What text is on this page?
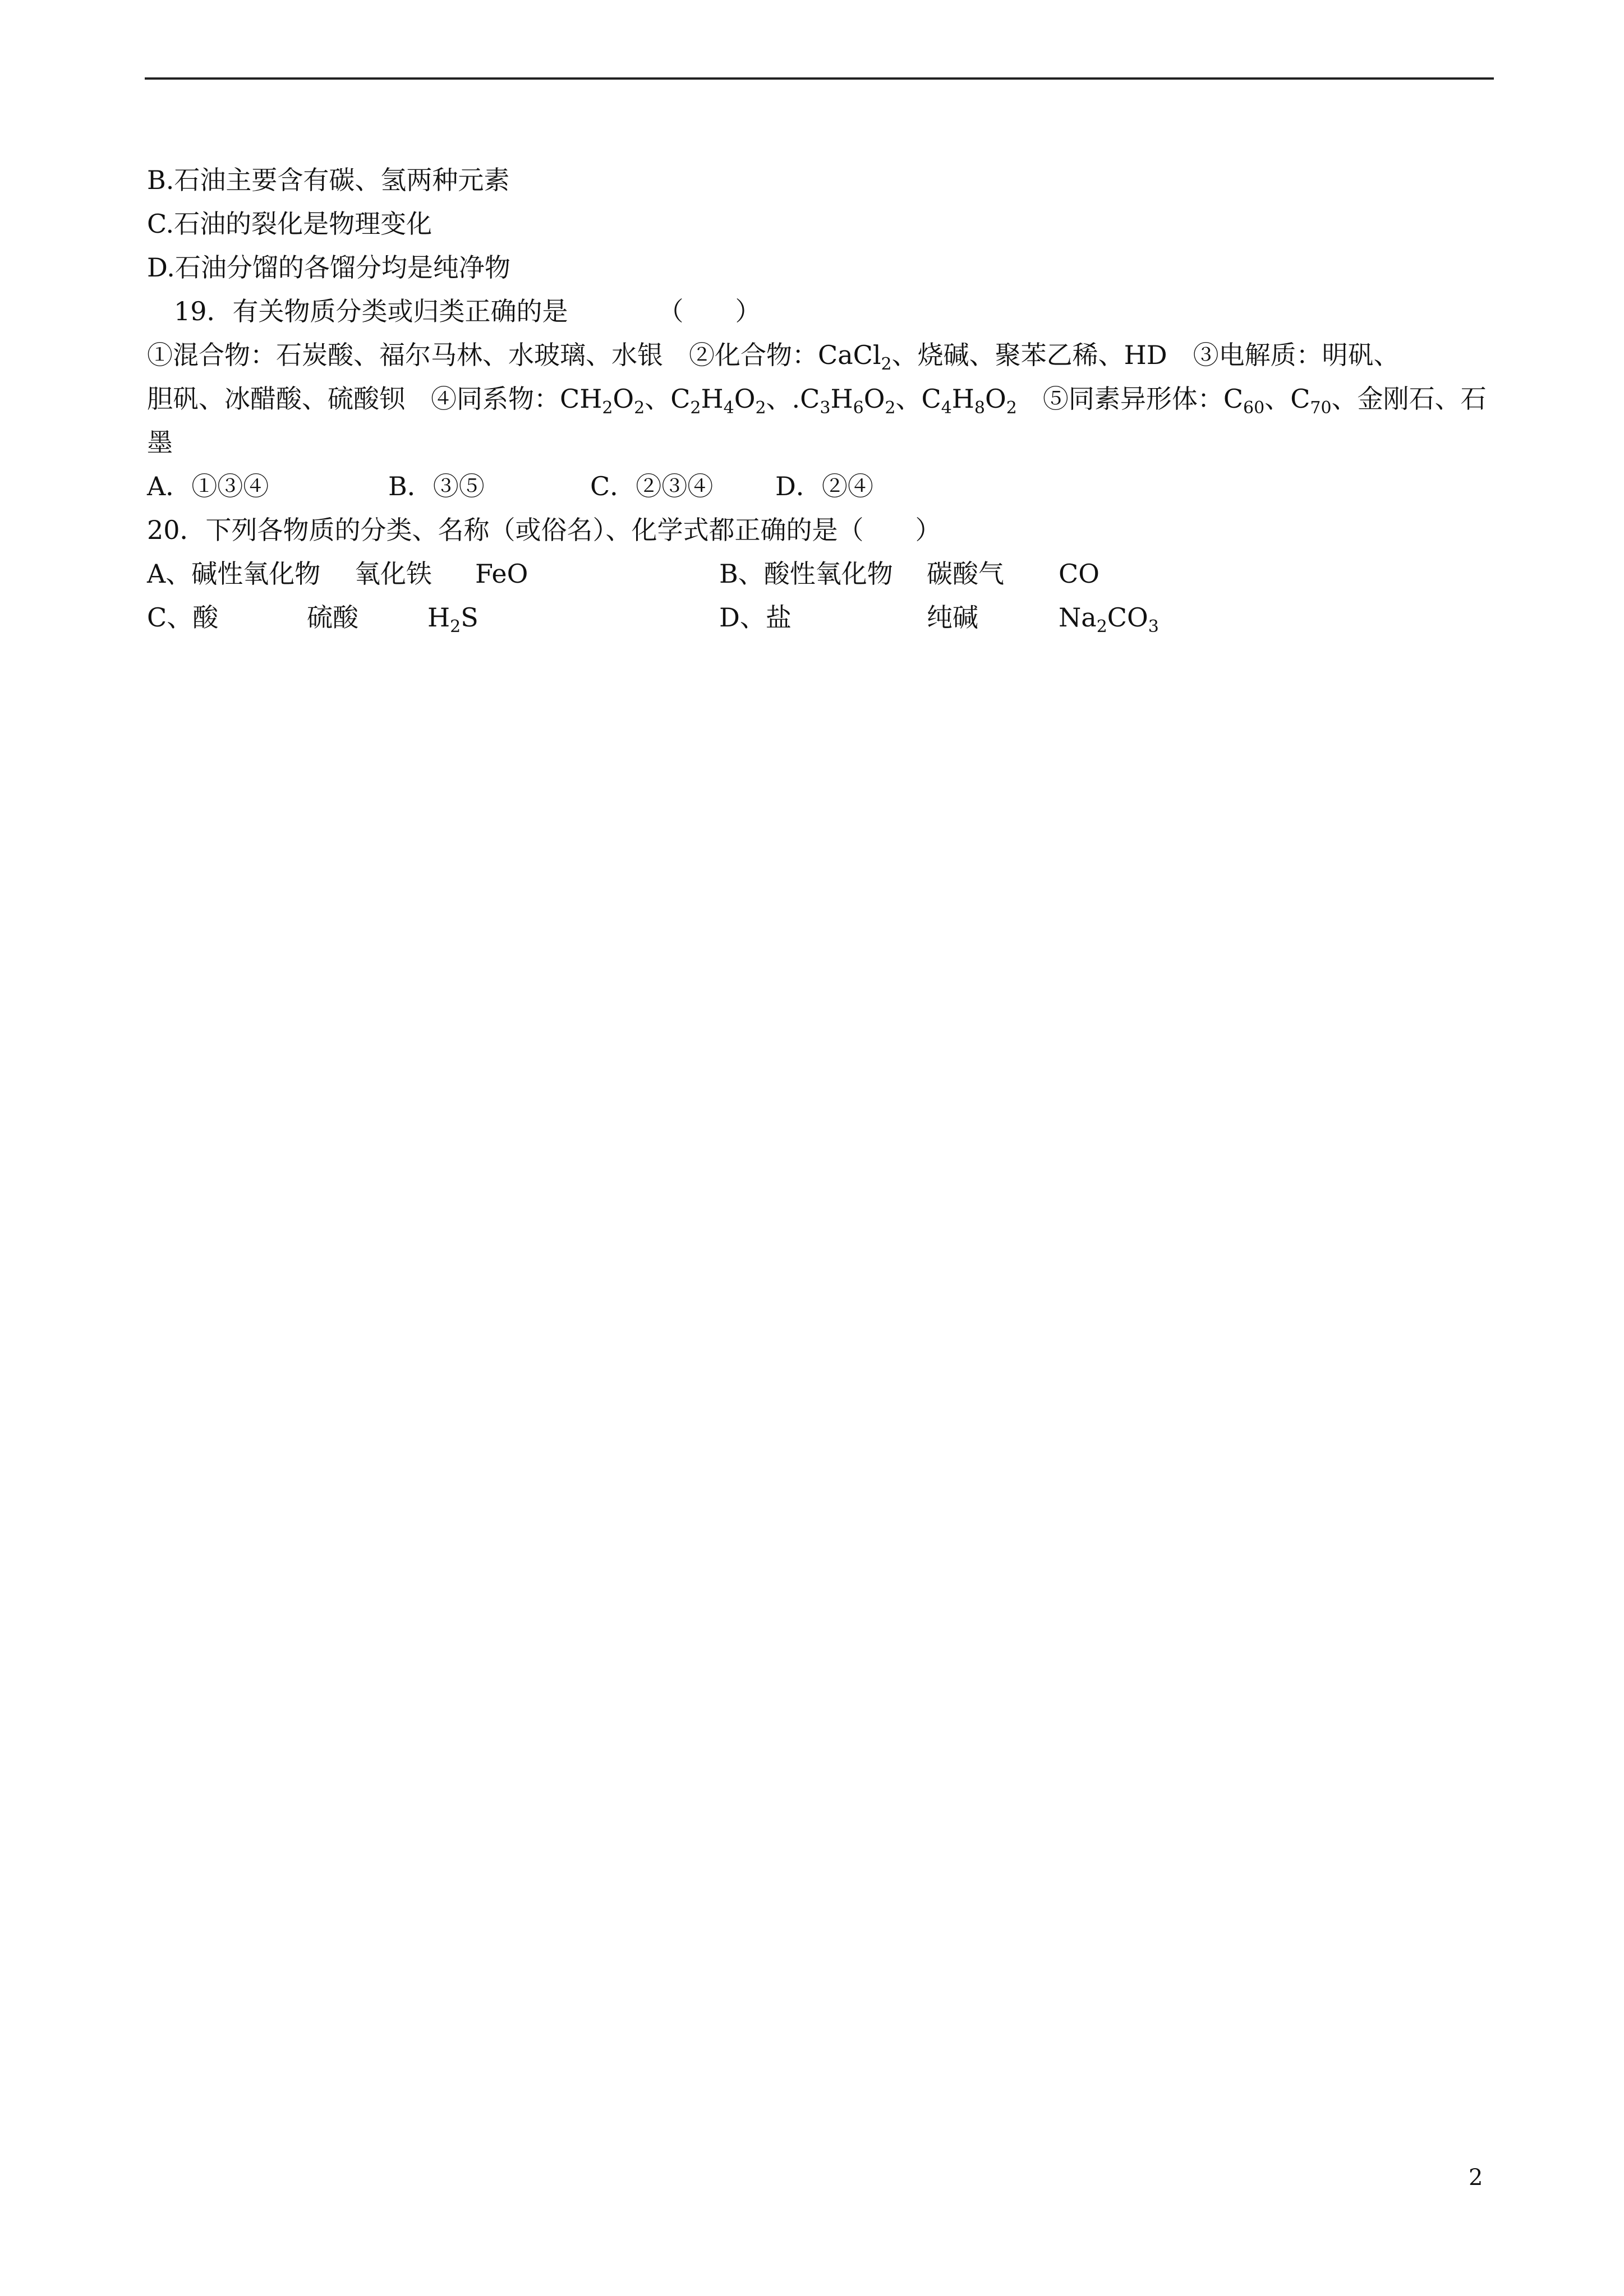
B.石油主要含有碳、氢两种元素
C.石油的裂化是物理变化
D.石油分馏的各馏分均是纯净物
19．有关物质分类或归类正确的是	（　　）
①混合物：石炭酸、福尔马林、水玻璃、水银　②化合物：CaCl$_2$、烧碱、聚苯乙稀、HD　③电解质：明矾、
胆矾、冰醋酸、硫酸钡　④同系物：$CH_2O_2$、$C_2H_4O_2$、$.C_3H_6O_2$、$C_4H_8O_2$　⑤同素异形体：$C_{60}$、$C_{70}$、金刚石、石
墨
A．①③④	B．③⑤	C．②③④ D．②④
20．下列各物质的分类、名称（或俗名）、化学式都正确的是（　　）
A、碱性氧化物 氧化铁 FeO	B、酸性氧化物 碳酸气 CO
C、酸	硫酸	$H_2S$	D、盐	纯碱	$Na_2CO_3$
2
